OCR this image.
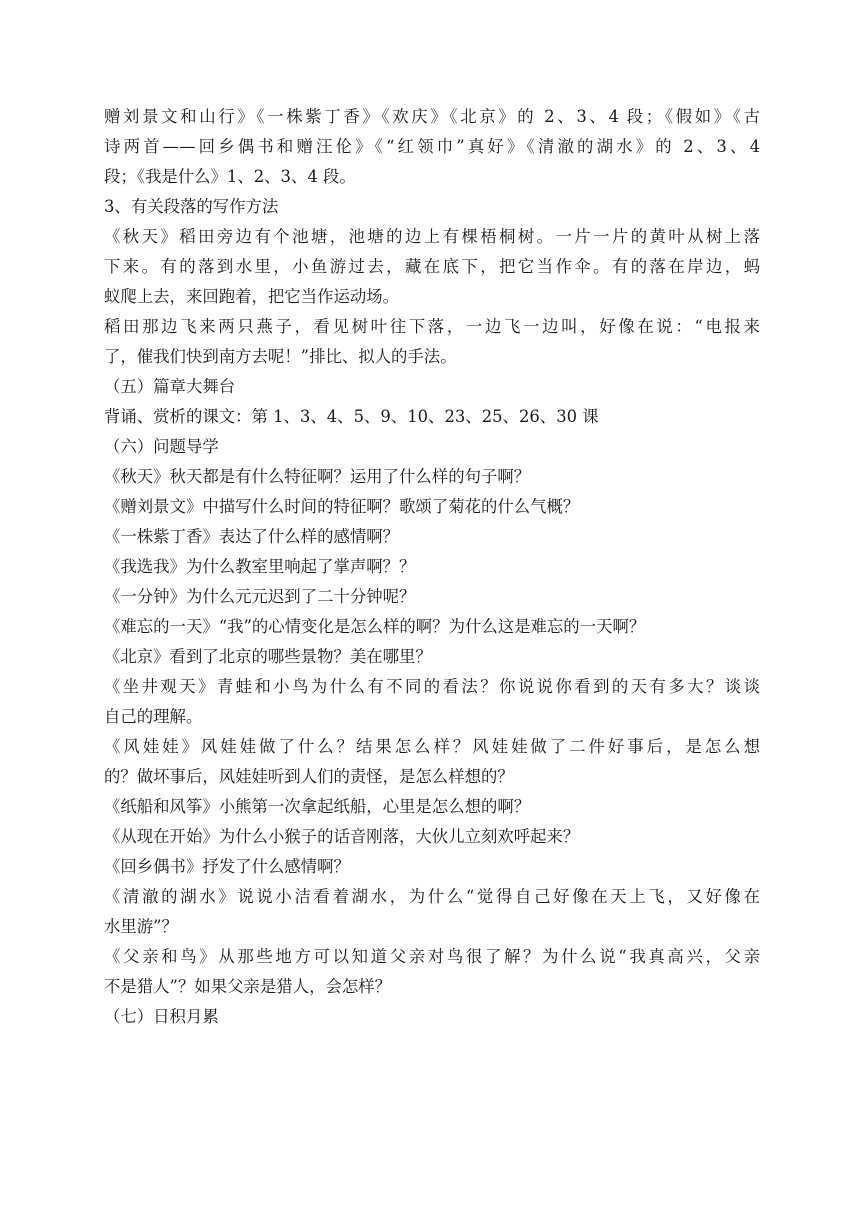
赠刘景文和山行》《一株紫丁香》《欢庆》《北京》的 2、3、4 段；《假如》《古
诗两首——回乡偶书和赠汪伦》《“红领巾”真好》《清澈的湖水》的 2、3、4
段；《我是什么》1、2、3、4 段。
3、有关段落的写作方法
《秋天》稻田旁边有个池塘，池塘的边上有棵梧桐树。一片一片的黄叶从树上落
下来。有的落到水里，小鱼游过去，藏在底下，把它当作伞。有的落在岸边，蚂
蚁爬上去，来回跑着，把它当作运动场。
稻田那边飞来两只燕子，看见树叶往下落，一边飞一边叫，好像在说：“电报来
了，催我们快到南方去呢！”排比、拟人的手法。
（五）篇章大舞台
背诵、赏析的课文：第 1、3、4、5、9、10、23、25、26、30 课
（六）问题导学
《秋天》秋天都是有什么特征啊？运用了什么样的句子啊？
《赠刘景文》中描写什么时间的特征啊？歌颂了菊花的什么气概？
《一株紫丁香》表达了什么样的感情啊？
《我选我》为什么教室里响起了掌声啊？？
《一分钟》为什么元元迟到了二十分钟呢？
《难忘的一天》“我”的心情变化是怎么样的啊？为什么这是难忘的一天啊？
《北京》看到了北京的哪些景物？美在哪里？
《坐井观天》青蛙和小鸟为什么有不同的看法？你说说你看到的天有多大？谈谈
自己的理解。
《风娃娃》风娃娃做了什么？结果怎么样？风娃娃做了二件好事后，是怎么想
的？做坏事后，风娃娃听到人们的责怪，是怎么样想的？
《纸船和风筝》小熊第一次拿起纸船，心里是怎么想的啊？
《从现在开始》为什么小猴子的话音刚落，大伙儿立刻欢呼起来？
《回乡偶书》抒发了什么感情啊？
《清澈的湖水》说说小洁看着湖水，为什么“觉得自己好像在天上飞，又好像在
水里游”？
《父亲和鸟》从那些地方可以知道父亲对鸟很了解？为什么说“我真高兴，父亲
不是猎人”？如果父亲是猎人，会怎样？
（七）日积月累
